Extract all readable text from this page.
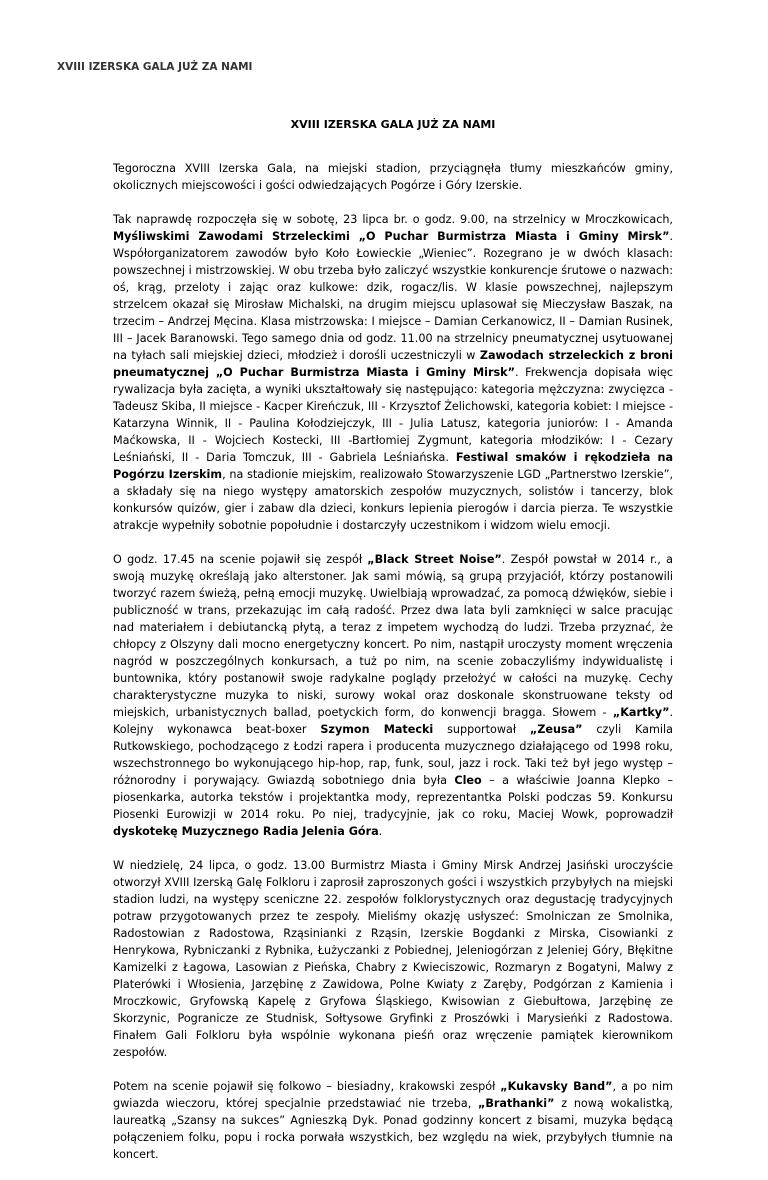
XVIII IZERSKA GALA JUŻ ZA NAMI
XVIII IZERSKA GALA JUŻ ZA NAMI

Tegoroczna XVIII Izerska Gala, na miejski stadion, przyciągnęła tłumy mieszkańców gminy, okolicznych miejscowości i gości odwiedzających Pogórze i Góry Izerskie.

Tak naprawdę rozpoczęła się w sobotę, 23 lipca br. o godz. 9.00, na strzelnicy w Mroczkowicach, Myśliwskimi Zawodami Strzeleckimi „O Puchar Burmistrza Miasta i Gminy Mirsk”. Współorganizatorem zawodów było Koło Łowieckie „Wieniec”. Rozegrano je w dwóch klasach: powszechnej i mistrzowskiej. W obu trzeba było zaliczyć wszystkie konkurencje śrutowe o nazwach: oś, krąg, przeloty i zając oraz kulkowe: dzik, rogacz/lis. W klasie powszechnej, najlepszym strzelcem okazał się Mirosław Michalski, na drugim miejscu uplasował się Mieczysław Baszak, na trzecim – Andrzej Męcina. Klasa mistrzowska: I miejsce – Damian Cerkanowicz, II – Damian Rusinek, III – Jacek Baranowski. Tego samego dnia od godz. 11.00 na strzelnicy pneumatycznej usytuowanej na tyłach sali miejskiej dzieci, młodzież i dorośli uczestniczyli w Zawodach strzeleckich z broni pneumatycznej „O Puchar Burmistrza Miasta i Gminy Mirsk”. Frekwencja dopisała więc rywalizacja była zacięta, a wyniki ukształtowały się następująco: kategoria mężczyzna: zwycięzca - Tadeusz Skiba, II miejsce - Kacper Kireńczuk, III - Krzysztof Żelichowski, kategoria kobiet: I miejsce - Katarzyna Winnik, II - Paulina Kołodziejczyk, III - Julia Latusz, kategoria juniorów: I - Amanda Maćkowska, II - Wojciech Kostecki, III -Bartłomiej Zygmunt, kategoria młodzików: I - Cezary Leśniański, II - Daria Tomczuk, III - Gabriela Leśniańska. Festiwal smaków i rękodzieła na Pogórzu Izerskim, na stadionie miejskim, realizowało Stowarzyszenie LGD „Partnerstwo Izerskie”, a składały się na niego występy amatorskich zespołów muzycznych, solistów i tancerzy, blok konkursów quizów, gier i zabaw dla dzieci, konkurs lepienia pierogów i darcia pierza. Te wszystkie atrakcje wypełniły sobotnie popołudnie i dostarczyły uczestnikom i widzom wielu emocji.

O godz. 17.45 na scenie pojawił się zespół „Black Street Noise”. Zespół powstał w 2014 r., a swoją muzykę określają jako alterstoner. Jak sami mówią, są grupą przyjaciół, którzy postanowili tworzyć razem świeżą, pełną emocji muzykę. Uwielbiają wprowadzać, za pomocą dźwięków, siebie i publiczność w trans, przekazując im całą radość. Przez dwa lata byli zamknięci w salce pracując nad materiałem i debiutancką płytą, a teraz z impetem wychodzą do ludzi. Trzeba przyznać, że chłopcy z Olszyny dali mocno energetyczny koncert. Po nim, nastąpił uroczysty moment wręczenia nagród w poszczególnych konkursach, a tuż po nim, na scenie zobaczyliśmy indywidualistę i buntownika, który postanowił swoje radykalne poglądy przełożyć w całości na muzykę. Cechy charakterystyczne muzyka to niski, surowy wokal oraz doskonale skonstruowane teksty od miejskich, urbanistycznych ballad, poetyckich form, do konwencji bragga. Słowem - „Kartky”. Kolejny wykonawca beat-boxer Szymon Matecki supportował „Zeusa” czyli Kamila Rutkowskiego, pochodzącego z Łodzi rapera i producenta muzycznego działającego od 1998 roku, wszechstronnego bo wykonującego hip-hop, rap, funk, soul, jazz i rock. Taki też był jego występ – różnorodny i porywający. Gwiazdą sobotniego dnia była Cleo – a właściwie Joanna Klepko – piosenkarka, autorka tekstów i projektantka mody, reprezentantka Polski podczas 59. Konkursu Piosenki Eurowizji w 2014 roku. Po niej, tradycyjnie, jak co roku, Maciej Wowk, poprowadził dyskotekę Muzycznego Radia Jelenia Góra.

W niedzielę, 24 lipca, o godz. 13.00 Burmistrz Miasta i Gminy Mirsk Andrzej Jasiński uroczyście otworzył XVIII Izerską Galę Folkloru i zaprosił zaproszonych gości i wszystkich przybyłych na miejski stadion ludzi, na występy sceniczne 22. zespołów folklorystycznych oraz degustację tradycyjnych potraw przygotowanych przez te zespoły. Mieliśmy okazję usłyszeć: Smolniczan ze Smolnika, Radostowian z Radostowa, Rząsinianki z Rząsin, Izerskie Bogdanki z Mirska, Cisowianki z Henrykowa, Rybniczanki z Rybnika, Łużyczanki z Pobiednej, Jeleniogórzan z Jeleniej Góry, Błękitne Kamizelki z Łagowa, Lasowian z Pieńska, Chabry z Kwieciszowic, Rozmaryn z Bogatyni, Malwy z Platerówki i Włosienia, Jarzębinę z Zawidowa, Polne Kwiaty z Zaręby, Podgórzan z Kamienia i Mroczkowic, Gryfowską Kapelę z Gryfowa Śląskiego, Kwisowian z Giebułtowa, Jarzębinę ze Skorzynic, Pogranicze ze Studnisk, Sołtysowe Gryfinki z Proszówki i Marysieńki z Radostowa. Finałem Gali Folkloru była wspólnie wykonana pieśń oraz wręczenie pamiątek kierownikom zespołów.

Potem na scenie pojawił się folkowo – biesiadny, krakowski zespół „Kukavsky Band”, a po nim gwiazda wieczoru, której specjalnie przedstawiać nie trzeba, „Brathanki” z nową wokalistką, laureatką „Szansy na sukces” Agnieszką Dyk. Ponad godzinny koncert z bisami, muzyka będącą połączeniem folku, popu i rocka porwała wszystkich, bez względu na wiek, przybyłych tłumnie na koncert.
